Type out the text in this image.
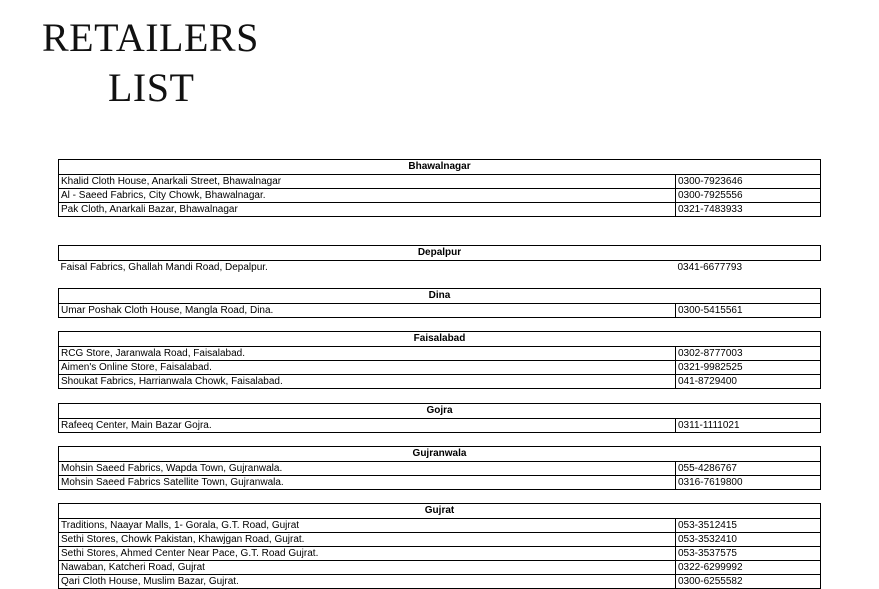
RETAILERS
LIST
Bhawalnagar	
Khalid Cloth House, Anarkali Street, Bhawalnagar	0300-7923646
Al - Saeed Fabrics, City Chowk, Bhawalnagar.	0300-7925556
Pak Cloth, Anarkali Bazar, Bhawalnagar	0321-7483933
Depalpur
Faisal Fabrics, Ghallah Mandi Road, Depalpur.	0341-6677793
Dina
Umar Poshak Cloth House, Mangla Road, Dina.	0300-5415561
Faisalabad	
RCG Store, Jaranwala Road, Faisalabad.	0302-8777003
Aimen's Online Store, Faisalabad.	0321-9982525
Shoukat Fabrics, Harrianwala Chowk, Faisalabad.	041-8729400
Gojra
Rafeeq Center, Main Bazar Gojra.	0311-1111021
Gujranwala	
Mohsin Saeed Fabrics, Wapda Town, Gujranwala.	055-4286767
Mohsin Saeed Fabrics Satellite Town, Gujranwala.	0316-7619800
Gujrat	
Traditions, Naayar Malls, 1- Gorala, G.T. Road, Gujrat	053-3512415
Sethi Stores, Chowk Pakistan, Khawjgan Road, Gujrat.	053-3532410
Sethi Stores, Ahmed Center Near Pace, G.T. Road Gujrat.	053-3537575
Nawaban, Katcheri Road, Gujrat	0322-6299992
Qari Cloth House, Muslim Bazar, Gujrat.	0300-6255582
